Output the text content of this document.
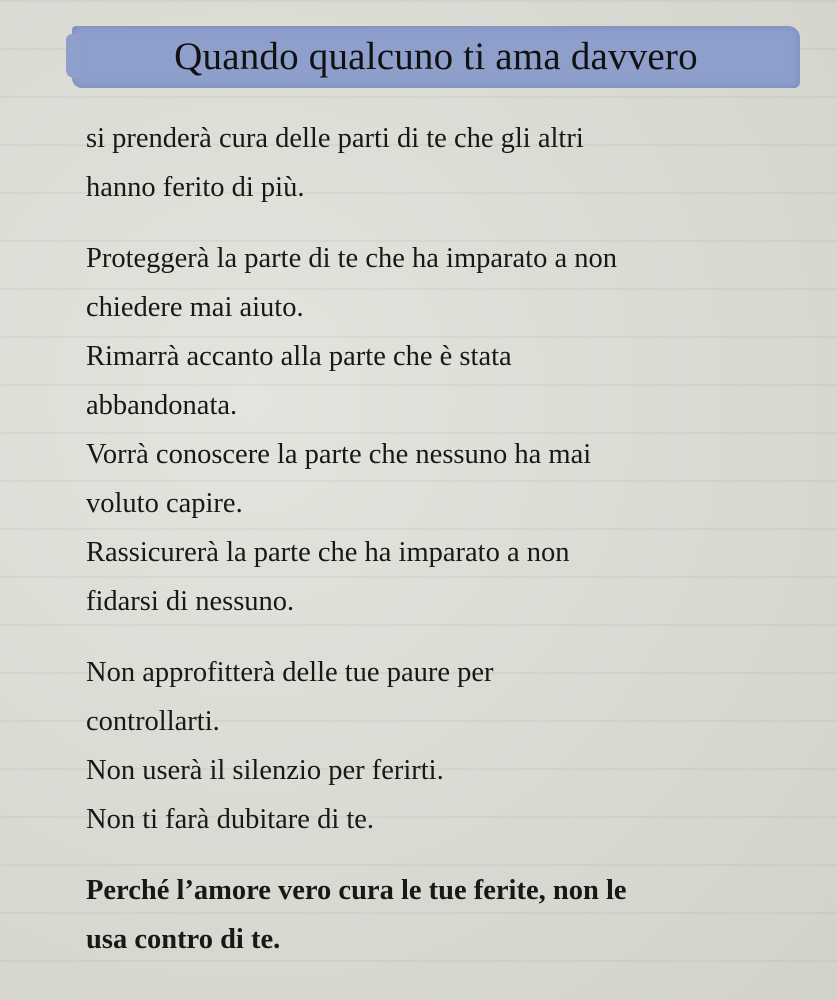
Quando qualcuno ti ama davvero
si prenderà cura delle parti di te che gli altri
hanno ferito di più.
Proteggerà la parte di te che ha imparato a non
chiedere mai aiuto.
Rimarrà accanto alla parte che è stata
abbandonata.
Vorrà conoscere la parte che nessuno ha mai
voluto capire.
Rassicurerà la parte che ha imparato a non
fidarsi di nessuno.
Non approfitterà delle tue paure per
controllarti.
Non userà il silenzio per ferirti.
Non ti farà dubitare di te.
Perché l’amore vero cura le tue ferite, non le
usa contro di te.
